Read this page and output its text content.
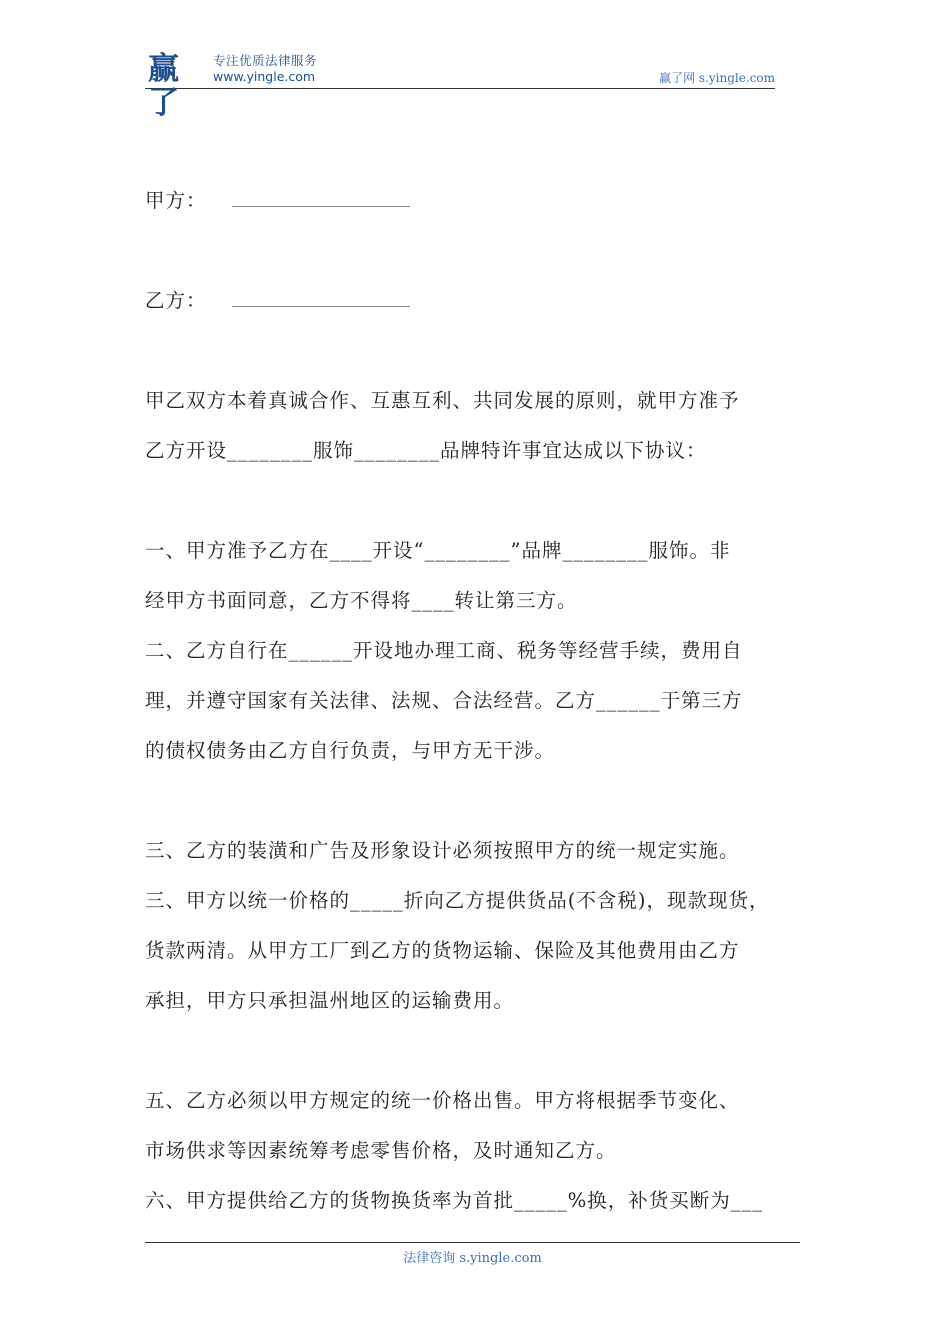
赢了
专注优质法律服务
www.yingle.com	赢了网 s.yingle.com
甲方：
乙方：
甲乙双方本着真诚合作、互惠互利、共同发展的原则，就甲方准予
乙方开设________服饰________品牌特许事宜达成以下协议：
一、甲方准予乙方在____开设“________”品牌________服饰。非
经甲方书面同意，乙方不得将____转让第三方。
二、乙方自行在______开设地办理工商、税务等经营手续，费用自
理，并遵守国家有关法律、法规、合法经营。乙方______于第三方
的债权债务由乙方自行负责，与甲方无干涉。
三、乙方的装潢和广告及形象设计必须按照甲方的统一规定实施。
三、甲方以统一价格的_____折向乙方提供货品(不含税)，现款现货，
货款两清。从甲方工厂到乙方的货物运输、保险及其他费用由乙方
承担，甲方只承担温州地区的运输费用。
五、乙方必须以甲方规定的统一价格出售。甲方将根据季节变化、
市场供求等因素统筹考虑零售价格，及时通知乙方。
六、甲方提供给乙方的货物换货率为首批_____%换，补货买断为___
法律咨询 s.yingle.com
